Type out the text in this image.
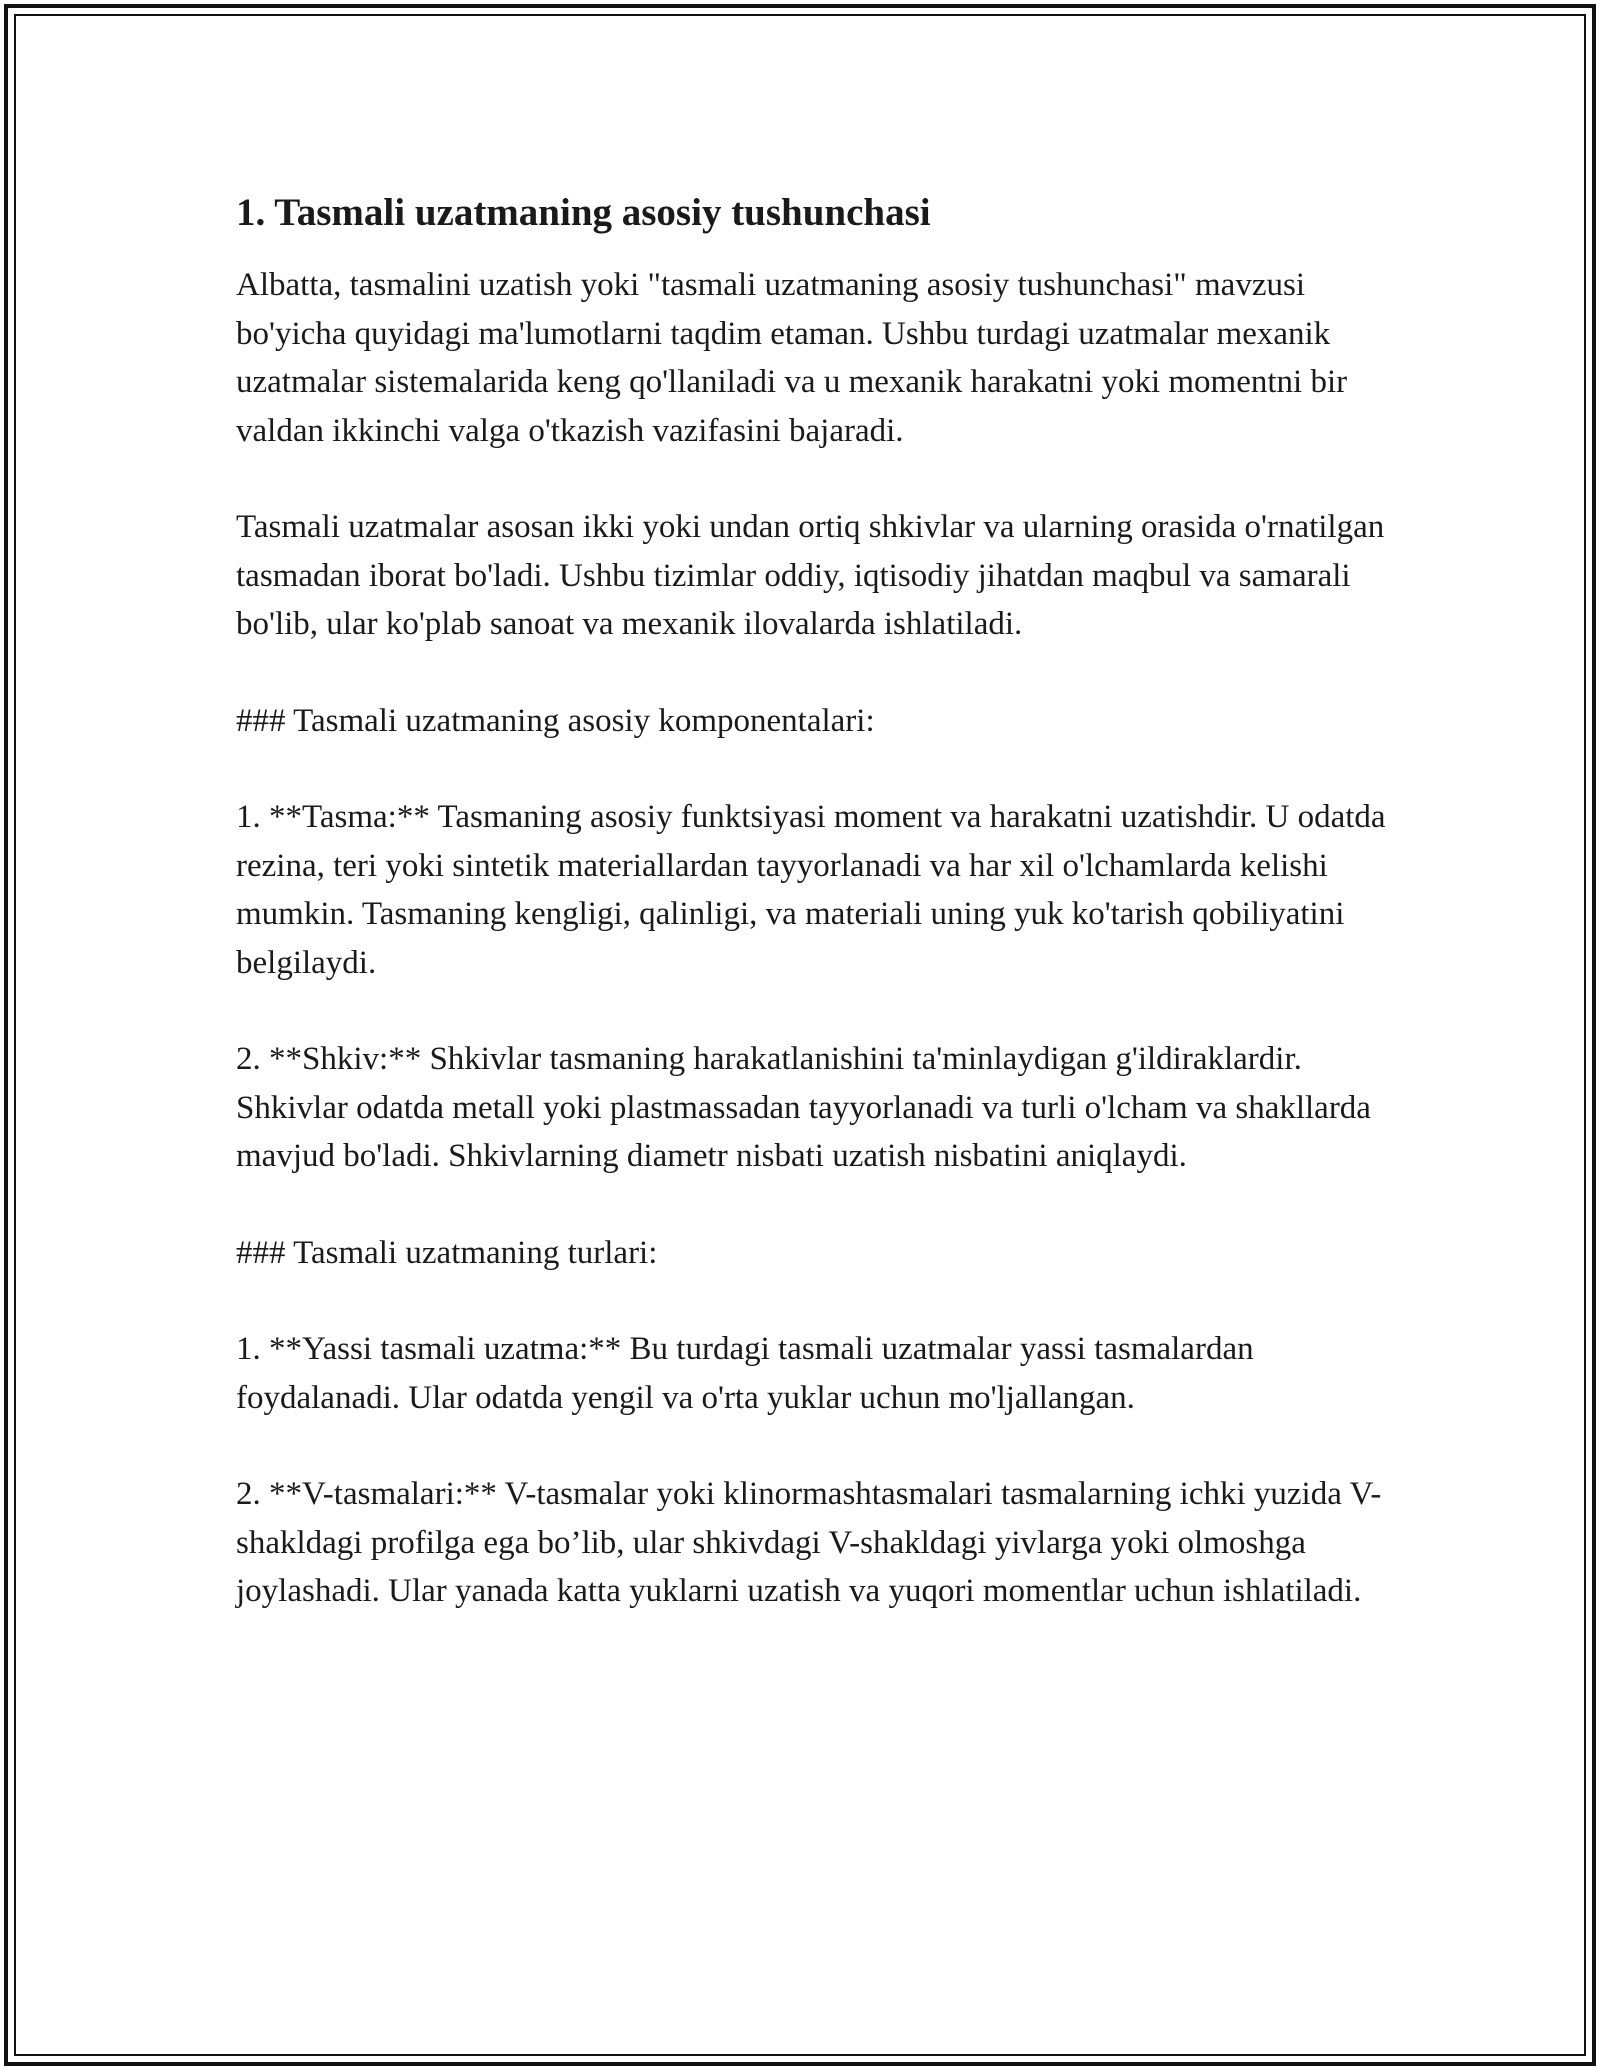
1. Tasmali uzatmaning asosiy tushunchasi

Albatta, tasmalini uzatish yoki "tasmali uzatmaning asosiy tushunchasi" mavzusi bo'yicha quyidagi ma'lumotlarni taqdim etaman. Ushbu turdagi uzatmalar mexanik uzatmalar sistemalarida keng qo'llaniladi va u mexanik harakatni yoki momentni bir valdan ikkinchi valga o'tkazish vazifasini bajaradi.

Tasmali uzatmalar asosan ikki yoki undan ortiq shkivlar va ularning orasida o'rnatilgan tasmadan iborat bo'ladi. Ushbu tizimlar oddiy, iqtisodiy jihatdan maqbul va samarali bo'lib, ular ko'plab sanoat va mexanik ilovalarda ishlatiladi.

### Tasmali uzatmaning asosiy komponentalari:

1. **Tasma:** Tasmaning asosiy funktsiyasi moment va harakatni uzatishdir. U odatda rezina, teri yoki sintetik materiallardan tayyorlanadi va har xil o'lchamlarda kelishi mumkin. Tasmaning kengligi, qalinligi, va materiali uning yuk ko'tarish qobiliyatini belgilaydi.

2. **Shkiv:** Shkivlar tasmaning harakatlanishini ta'minlaydigan g'ildiraklardir. Shkivlar odatda metall yoki plastmassadan tayyorlanadi va turli o'lcham va shakllarda mavjud bo'ladi. Shkivlarning diametr nisbati uzatish nisbatini aniqlaydi.

### Tasmali uzatmaning turlari:

1. **Yassi tasmali uzatma:** Bu turdagi tasmali uzatmalar yassi tasmalardan foydalanadi. Ular odatda yengil va o'rta yuklar uchun mo'ljallangan.

2. **V-tasmalari:** V-tasmalar yoki klinormashtasmalari tasmalarning ichki yuzida V-shakldagi profilga ega bo’lib, ular shkivdagi V-shakldagi yivlarga yoki olmoshga joylashadi. Ular yanada katta yuklarni uzatish va yuqori momentlar uchun ishlatiladi.
